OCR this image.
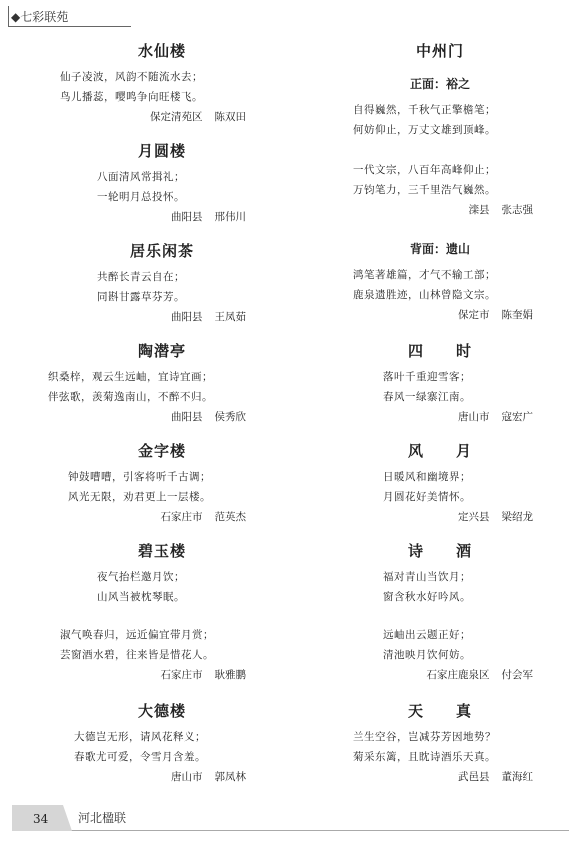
◆七彩联苑
水仙楼
仙子凌波，风韵不随流水去；
鸟儿播蕊，嘤鸣争向旺楼飞。
保定清苑区 陈双田
月圆楼
八面清风常揖礼；
一轮明月总投怀。
曲阳县 邢伟川
居乐闲茶
共醉长青云自在；
同斟甘露草芬芳。
曲阳县 王凤茹
陶潜亭
织桑梓，观云生远岫，宜诗宜画；
伴弦歌，羡菊逸南山，不醉不归。
曲阳县 侯秀欣
金字楼
钟鼓嘈嘈，引客将听千古调；
风光无限，劝君更上一层楼。
石家庄市 范英杰
碧玉楼
夜气抬栏邀月饮；
山风当被枕琴眠。
淑气唤春归，远近偏宜带月赏；
芸窗酒水碧，往来皆是惜花人。
石家庄市 耿雅鹏
大德楼
大德岂无形，请风花释义；
春歌尤可爱，令雪月含羞。
唐山市 郭凤林
中州门

正面：裕之

自得巍然，千秋气正擎檐笔；
何妨仰止，万丈文雄到顶峰。
一代文宗，八百年高峰仰止；
万钧笔力，三千里浩气巍然。
滦县 张志强

背面：遗山

鸿笔著雄篇，才气不输工部；
鹿泉遗胜迹，山林曾隐文宗。
保定市 陈奎娟
四　　时
落叶千重迎雪客；
春风一绿寨江南。
唐山市 寇宏广
风　　月
日暖风和幽境界；
月圆花好美情怀。
定兴县 梁绍龙
诗　　酒
福对青山当饮月；
窗含秋水好吟风。
远岫出云题正好；
清池映月饮何妨。
石家庄鹿泉区 付会军
天　　真
兰生空谷，岂减芬芳因地势？
菊采东篱，且眈诗酒乐天真。
武邑县 董海红
34 河北楹联
